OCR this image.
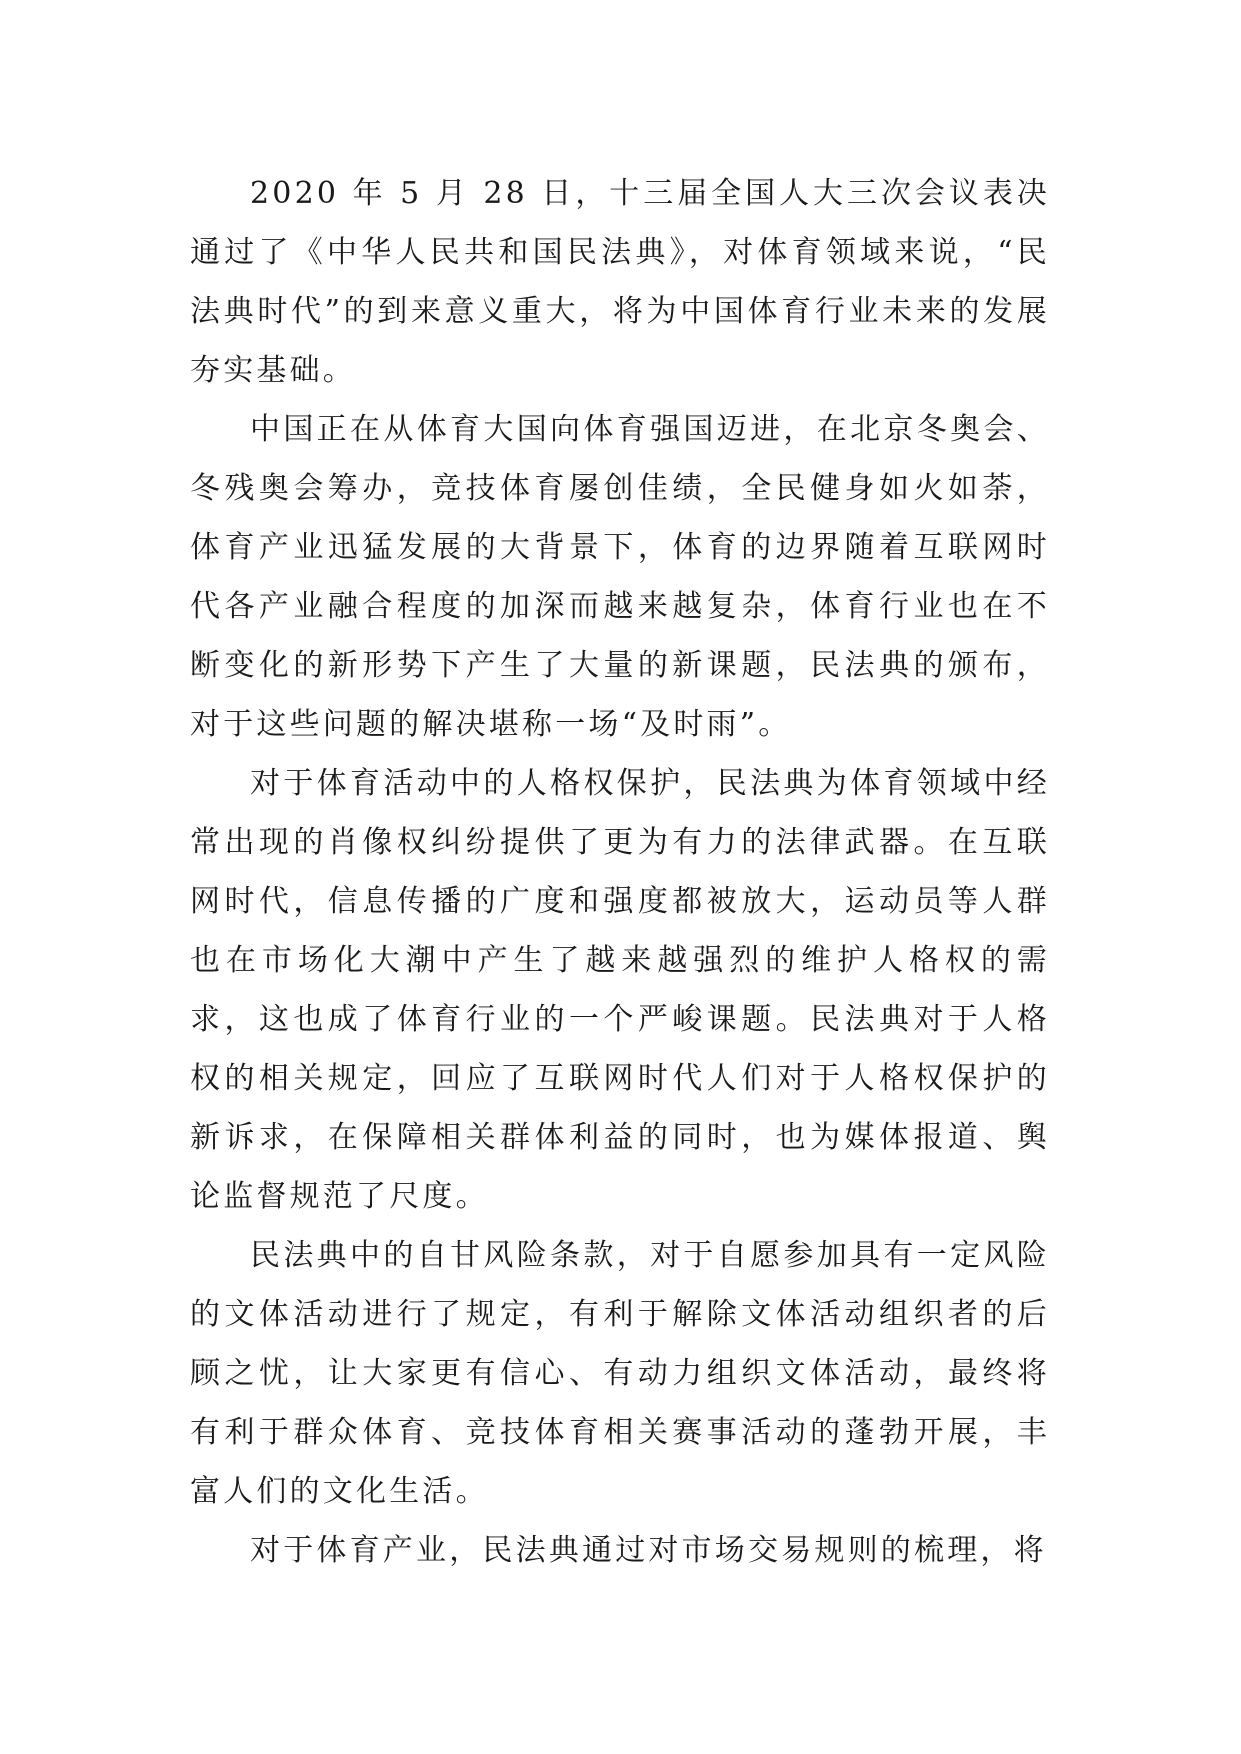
2020 年 5 月 28 日，十三届全国人大三次会议表决通过了《中华人民共和国民法典》，对体育领域来说，“民法典时代”的到来意义重大，将为中国体育行业未来的发展夯实基础。

中国正在从体育大国向体育强国迈进，在北京冬奥会、冬残奥会筹办，竞技体育屡创佳绩，全民健身如火如荼，体育产业迅猛发展的大背景下，体育的边界随着互联网时代各产业融合程度的加深而越来越复杂，体育行业也在不断变化的新形势下产生了大量的新课题，民法典的颁布，对于这些问题的解决堪称一场“及时雨”。

对于体育活动中的人格权保护，民法典为体育领域中经常出现的肖像权纠纷提供了更为有力的法律武器。在互联网时代，信息传播的广度和强度都被放大，运动员等人群也在市场化大潮中产生了越来越强烈的维护人格权的需求，这也成了体育行业的一个严峻课题。民法典对于人格权的相关规定，回应了互联网时代人们对于人格权保护的新诉求，在保障相关群体利益的同时，也为媒体报道、舆论监督规范了尺度。

民法典中的自甘风险条款，对于自愿参加具有一定风险的文体活动进行了规定，有利于解除文体活动组织者的后顾之忧，让大家更有信心、有动力组织文体活动，最终将有利于群众体育、竞技体育相关赛事活动的蓬勃开展，丰富人们的文化生活。

对于体育产业，民法典通过对市场交易规则的梳理，将
